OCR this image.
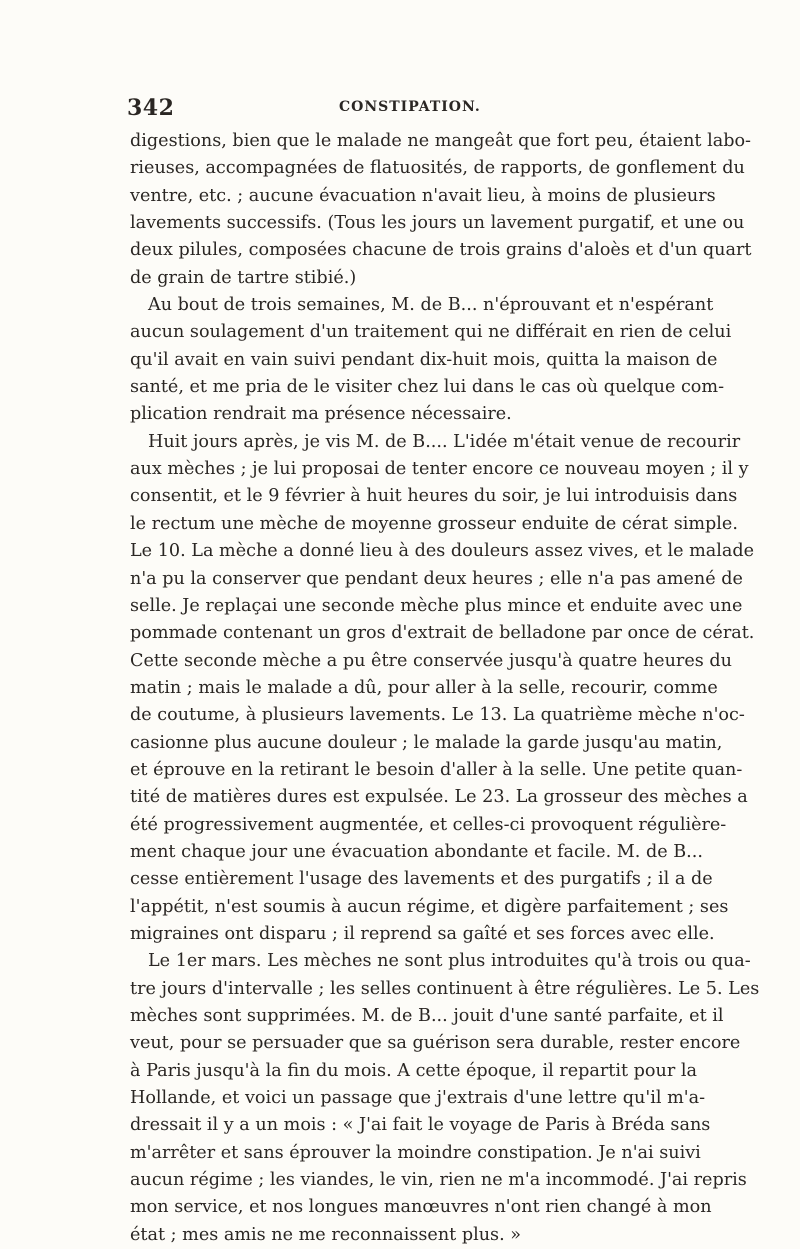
342	CONSTIPATION.
digestions, bien que le malade ne mangeât que fort peu, étaient labo-
rieuses, accompagnées de flatuosités, de rapports, de gonflement du
ventre, etc. ; aucune évacuation n'avait lieu, à moins de plusieurs
lavements successifs. (Tous les jours un lavement purgatif, et une ou
deux pilules, composées chacune de trois grains d'aloès et d'un quart
de grain de tartre stibié.)
Au bout de trois semaines, M. de B... n'éprouvant et n'espérant
aucun soulagement d'un traitement qui ne différait en rien de celui
qu'il avait en vain suivi pendant dix-huit mois, quitta la maison de
santé, et me pria de le visiter chez lui dans le cas où quelque com-
plication rendrait ma présence nécessaire.
Huit jours après, je vis M. de B.... L'idée m'était venue de recourir
aux mèches ; je lui proposai de tenter encore ce nouveau moyen ; il y
consentit, et le 9 février à huit heures du soir, je lui introduisis dans
le rectum une mèche de moyenne grosseur enduite de cérat simple.
Le 10. La mèche a donné lieu à des douleurs assez vives, et le malade
n'a pu la conserver que pendant deux heures ; elle n'a pas amené de
selle. Je replaçai une seconde mèche plus mince et enduite avec une
pommade contenant un gros d'extrait de belladone par once de cérat.
Cette seconde mèche a pu être conservée jusqu'à quatre heures du
matin ; mais le malade a dû, pour aller à la selle, recourir, comme
de coutume, à plusieurs lavements. Le 13. La quatrième mèche n'oc-
casionne plus aucune douleur ; le malade la garde jusqu'au matin,
et éprouve en la retirant le besoin d'aller à la selle. Une petite quan-
tité de matières dures est expulsée. Le 23. La grosseur des mèches a
été progressivement augmentée, et celles-ci provoquent régulière-
ment chaque jour une évacuation abondante et facile. M. de B...
cesse entièrement l'usage des lavements et des purgatifs ; il a de
l'appétit, n'est soumis à aucun régime, et digère parfaitement ; ses
migraines ont disparu ; il reprend sa gaîté et ses forces avec elle.
Le 1er mars. Les mèches ne sont plus introduites qu'à trois ou qua-
tre jours d'intervalle ; les selles continuent à être régulières. Le 5. Les
mèches sont supprimées. M. de B... jouit d'une santé parfaite, et il
veut, pour se persuader que sa guérison sera durable, rester encore
à Paris jusqu'à la fin du mois. A cette époque, il repartit pour la
Hollande, et voici un passage que j'extrais d'une lettre qu'il m'a-
dressait il y a un mois : « J'ai fait le voyage de Paris à Bréda sans
m'arrêter et sans éprouver la moindre constipation. Je n'ai suivi
aucun régime ; les viandes, le vin, rien ne m'a incommodé. J'ai repris
mon service, et nos longues manœuvres n'ont rien changé à mon
état ; mes amis ne me reconnaissent plus. »
